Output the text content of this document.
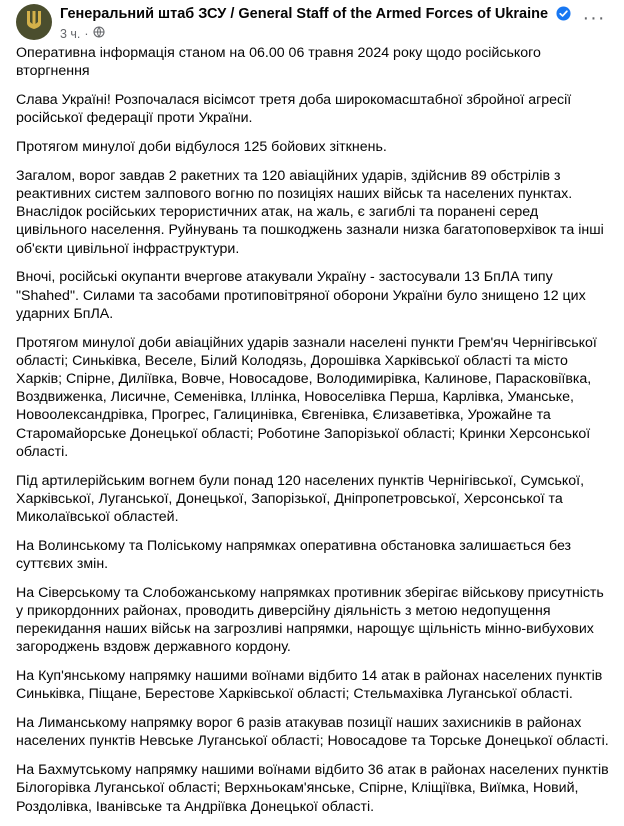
Генеральний штаб ЗСУ / General Staff of the Armed Forces of Ukraine
3 ч. ·
···

Оперативна інформація станом на 06.00 06 травня 2024 року щодо російського вторгнення

Слава Україні! Розпочалася вісімсот третя доба широкомасштабної збройної агресії російської федерації проти України.

Протягом минулої доби відбулося 125 бойових зіткнень.

Загалом, ворог завдав 2 ракетних та 120 авіаційних ударів, здійснив 89 обстрілів з реактивних систем залпового вогню по позиціях наших військ та населених пунктах. Внаслідок російських терористичних атак, на жаль, є загиблі та поранені серед цивільного населення. Руйнувань та пошкоджень зазнали низка багатоповерхівок та інші об'єкти цивільної інфраструктури.

Вночі, російські окупанти вчергове атакували Україну - застосували 13 БпЛА типу "Shahed". Силами та засобами протиповітряної оборони України було знищено 12 цих ударних БпЛА.

Протягом минулої доби авіаційних ударів зазнали населені пункти Грем'яч Чернігівської області; Синьківка, Веселе, Білий Колодязь, Дорошівка Харківської області та місто Харків; Спірне, Диліївка, Вовче, Новосадове, Володимирівка, Калинове, Парасковіївка, Воздвиженка, Лисичне, Семенівка, Іллінка, Новоселівка Перша, Карлівка, Уманське, Новоолександрівка, Прогрес, Галицинівка, Євгенівка, Єлизаветівка, Урожайне та Старомайорське Донецької області; Роботине Запорізької області; Кринки Херсонської області.

Під артилерійським вогнем були понад 120 населених пунктів Чернігівської, Сумської, Харківської, Луганської, Донецької, Запорізької, Дніпропетровської, Херсонської та Миколаївської областей.

На Волинському та Поліському напрямках оперативна обстановка залишається без суттєвих змін.

На Сіверському та Слобожанському напрямках противник зберігає військову присутність у прикордонних районах, проводить диверсійну діяльність з метою недопущення перекидання наших військ на загрозливі напрямки, нарощує щільність мінно-вибухових загороджень вздовж державного кордону.

На Куп'янському напрямку нашими воїнами відбито 14 атак в районах населених пунктів Синьківка, Піщане, Берестове Харківської області; Стельмахівка Луганської області.

На Лиманському напрямку ворог 6 разів атакував позиції наших захисників в районах населених пунктів Невське Луганської області; Новосадове та Торське Донецької області.

На Бахмутському напрямку нашими воїнами відбито 36 атак в районах населених пунктів Білогорівка Луганської області; Верхньокам'янське, Спірне, Кліщіївка, Виїмка, Новий, Роздолівка, Іванівське та Андріївка Донецької області.
